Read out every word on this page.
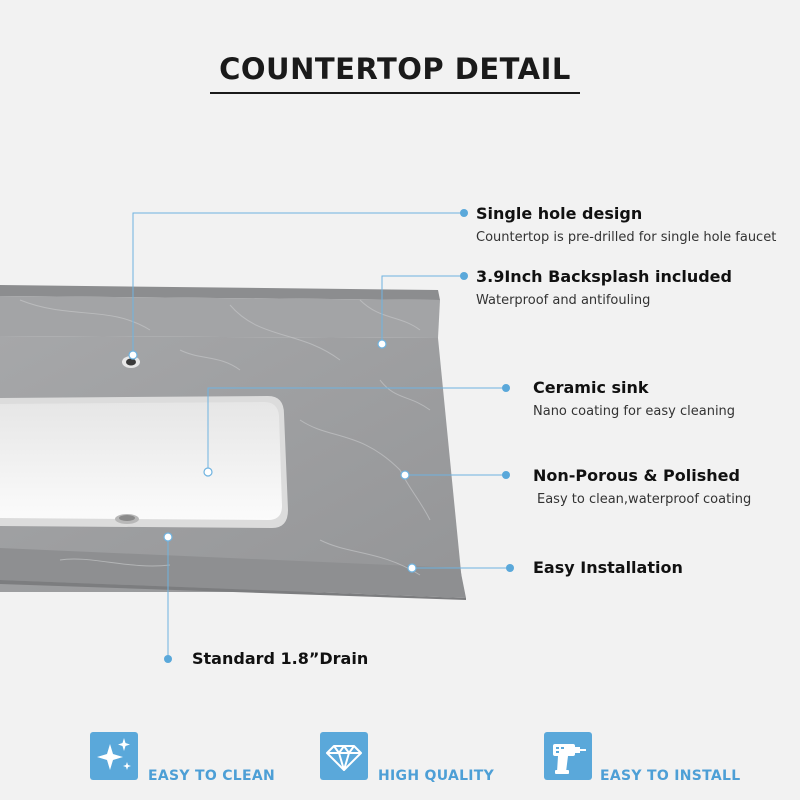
COUNTERTOP DETAIL
Single hole design
Countertop is pre-drilled for single hole faucet
3.9Inch Backsplash included
Waterproof and antifouling
Ceramic sink
Nano coating for easy cleaning
Non-Porous & Polished
Easy to clean,waterproof coating
Easy Installation
Standard 1.8”Drain
EASY TO CLEAN	HIGH QUALITY	EASY TO INSTALL
